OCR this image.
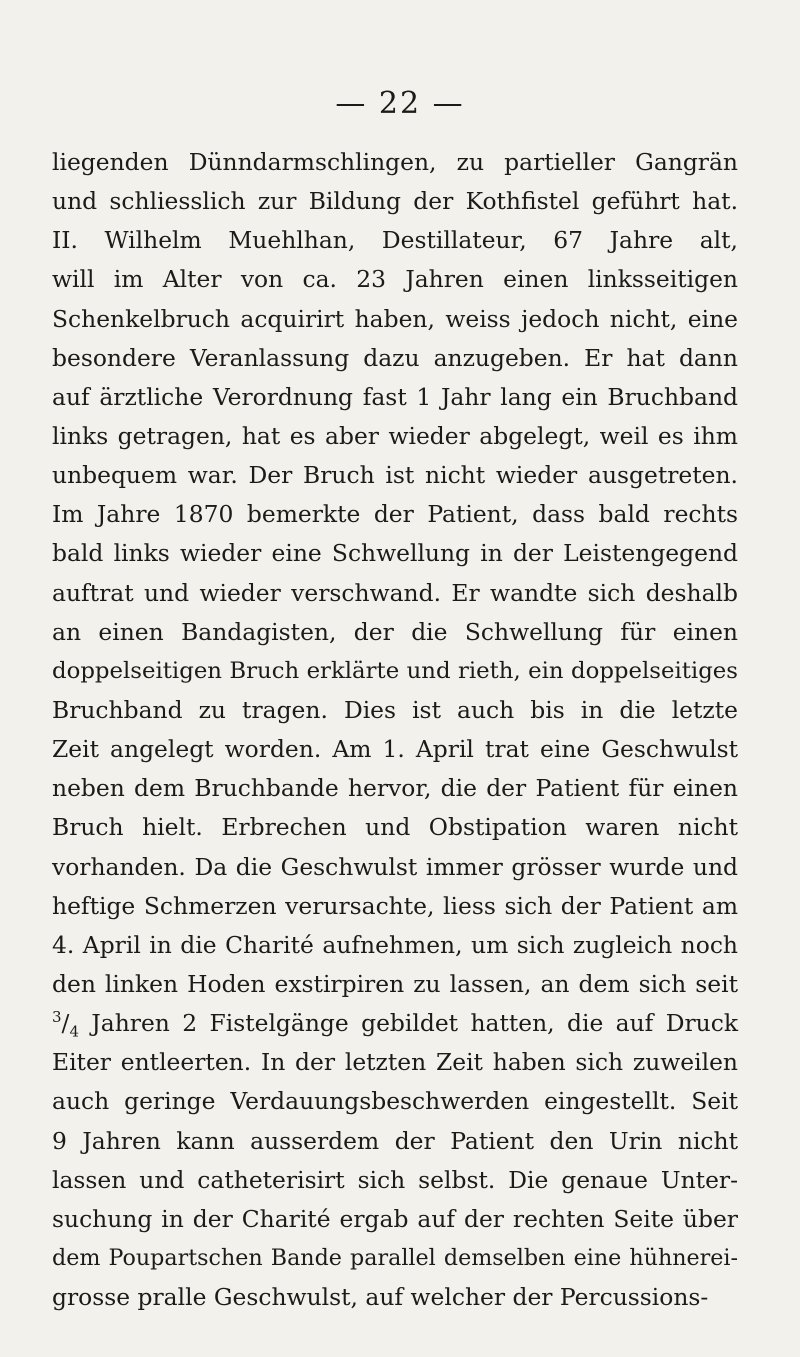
— 22 —
liegenden Dünndarmschlingen, zu partieller Gangrän
und schliesslich zur Bildung der Kothfistel geführt hat.
II. Wilhelm Muehlhan, Destillateur, 67 Jahre alt,
will im Alter von ca. 23 Jahren einen linksseitigen
Schenkelbruch acquirirt haben, weiss jedoch nicht, eine
besondere Veranlassung dazu anzugeben. Er hat dann
auf ärztliche Verordnung fast 1 Jahr lang ein Bruchband
links getragen, hat es aber wieder abgelegt, weil es ihm
unbequem war. Der Bruch ist nicht wieder ausgetreten.
Im Jahre 1870 bemerkte der Patient, dass bald rechts
bald links wieder eine Schwellung in der Leistengegend
auftrat und wieder verschwand. Er wandte sich deshalb
an einen Bandagisten, der die Schwellung für einen
doppelseitigen Bruch erklärte und rieth, ein doppelseitiges
Bruchband zu tragen. Dies ist auch bis in die letzte
Zeit angelegt worden. Am 1. April trat eine Geschwulst
neben dem Bruchbande hervor, die der Patient für einen
Bruch hielt. Erbrechen und Obstipation waren nicht
vorhanden. Da die Geschwulst immer grösser wurde und
heftige Schmerzen verursachte, liess sich der Patient am
4. April in die Charité aufnehmen, um sich zugleich noch
den linken Hoden exstirpiren zu lassen, an dem sich seit
$^3/_4$ Jahren 2 Fistelgänge gebildet hatten, die auf Druck
Eiter entleerten. In der letzten Zeit haben sich zuweilen
auch geringe Verdauungsbeschwerden eingestellt. Seit
9 Jahren kann ausserdem der Patient den Urin nicht
lassen und catheterisirt sich selbst. Die genaue Unter-
suchung in der Charité ergab auf der rechten Seite über
dem Poupartschen Bande parallel demselben eine hühnerei-
grosse pralle Geschwulst, auf welcher der Percussions-
